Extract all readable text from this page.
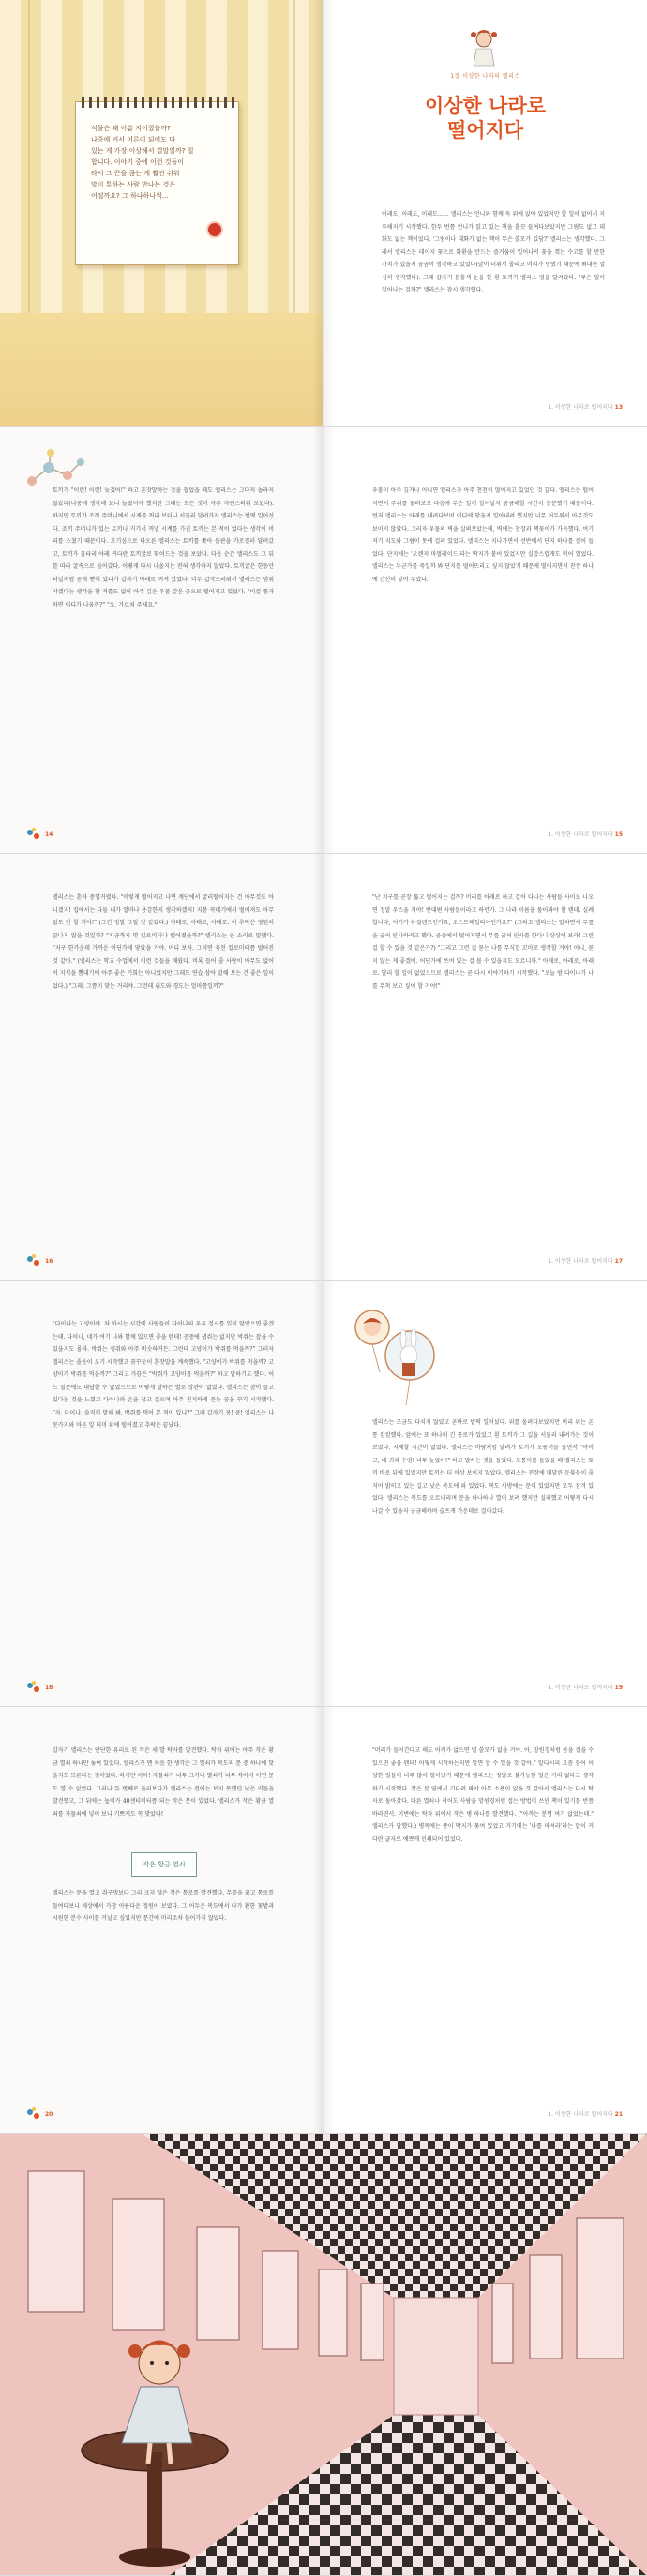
식물은 왜 이름 지어졌을까?
나중에 커서 어른이 되어도 다
있는 게 가장 이상해서 결말일까? 질
합니다. 이야기 중에 이런 것들이
라서 그 끈을 끊는 게 훨씬 쉬워
말이 통하는 사람 만나는 것은
어떨까요? 그 하나하나씩...
1장 이상한 나라의 앨리스
이상한 나라로
떨어지다
이래도, 이래도, 이래도…… 앨리스는 언니와 함께 둑 위에 앉아 있었지만 할 일이 없어서 지루해지기 시작했다. 한두 번쯤 언니가 읽고 있는 책을 흘끗 들여다보았지만 그림도 없고 대화도 없는 책이었다. '그림이나 대화가 없는 책이 무슨 쓸모가 있담?' 앨리스는 생각했다. 그래서 앨리스는 데이지 꽃으로 화환을 만드는 즐거움이 일어나서 꽃을 꺾는 수고를 할 만한 가치가 있을지 곰곰이 생각하고 있었다(날이 더워서 졸리고 머리가 멍했기 때문에 최대한 열심히 생각했다). 그때 갑자기 분홍색 눈을 한 흰 토끼가 앨리스 옆을 달려갔다. "무슨 일이 일어나는 걸까?" 앨리스는 잠시 생각했다.
1. 이상한 나라로 떨어지다 13
토끼가 "이런! 이런! 늦겠어!" 하고 혼잣말하는 것을 들었을 때도 앨리스는 그다지 놀라지 않았다(나중에 생각해 보니 놀랐어야 했지만 그때는 모든 것이 아주 자연스러워 보였다). 하지만 토끼가 조끼 주머니에서 시계를 꺼내 보더니 서둘러 달려가자 앨리스는 벌떡 일어섰다. 조끼 주머니가 있는 토끼나 거기서 꺼낼 시계를 가진 토끼는 본 적이 없다는 생각이 머리를 스쳤기 때문이다. 호기심으로 타오른 앨리스는 토끼를 쫓아 들판을 가로질러 달려갔고, 토끼가 울타리 아래 커다란 토끼굴로 뛰어드는 것을 보았다. 다음 순간 앨리스도 그 뒤를 따라 굴속으로 들어갔다. 어떻게 다시 나올지는 전혀 생각하지 않았다. 토끼굴은 한동안 터널처럼 곧게 뻗어 있다가 갑자기 아래로 꺼져 있었다. 너무 갑작스러워서 앨리스는 멈춰야겠다는 생각을 할 겨를도 없이 아주 깊은 우물 같은 곳으로 떨어지고 있었다. "이걸 통과하면 어디가 나올까?" "오, 가르쳐 주세요."
14
우물이 아주 깊거나 아니면 앨리스가 아주 천천히 떨어지고 있었던 것 같다. 앨리스는 떨어지면서 주위를 둘러보고 다음에 무슨 일이 일어날지 궁금해할 시간이 충분했기 때문이다. 먼저 앨리스는 아래를 내려다보며 어디에 닿을지 알아내려 했지만 너무 어두워서 아무것도 보이지 않았다. 그러자 우물의 벽을 살펴보았는데, 벽에는 찬장과 책꽂이가 가득했다. 여기저기 지도와 그림이 못에 걸려 있었다. 앨리스는 지나가면서 선반에서 단지 하나를 집어 들었다. 단지에는 '오렌지 마멀레이드'라는 딱지가 붙어 있었지만 실망스럽게도 비어 있었다. 앨리스는 누군가를 죽일까 봐 단지를 떨어뜨리고 싶지 않았기 때문에 떨어지면서 찬장 하나에 간신히 넣어 두었다.
1. 이상한 나라로 떨어지다 15
앨리스는 혼자 중얼거렸다. "이렇게 떨어지고 나면 계단에서 굴러떨어지는 건 아무것도 아니겠지! 집에서는 다들 내가 얼마나 용감한지 생각하겠지! 지붕 꼭대기에서 떨어져도 아무 말도 안 할 거야!" (그건 정말 그럴 것 같았다.) 아래로, 아래로, 아래로. 이 추락은 영원히 끝나지 않을 것일까? "지금까지 몇 킬로미터나 떨어졌을까?" 앨리스는 큰 소리로 말했다. "지구 한가운데 가까운 어딘가에 닿았을 거야. 어디 보자. 그러면 육천 킬로미터쯤 떨어진 것 같아." (앨리스는 학교 수업에서 이런 것들을 배웠다. 비록 들어 줄 사람이 아무도 없어서 지식을 뽐내기에 아주 좋은 기회는 아니었지만 그래도 연습 삼아 말해 보는 건 좋은 일이었다.) "그래, 그쯤이 맞는 거리야. 그런데 위도와 경도는 얼마쯤일까?"
16
"난 지구를 곧장 뚫고 떨어지는 걸까? 머리를 아래로 하고 걸어 다니는 사람들 사이로 나오면 정말 우스울 거야! 반대편 사람들이라고 하던가. 그 나라 이름을 물어봐야 할 텐데. 실례합니다, 여기가 뉴질랜드인가요, 오스트레일리아인가요?" (그리고 앨리스는 말하면서 무릎을 굽혀 인사하려고 했다. 공중에서 떨어지면서 무릎 굽혀 인사를 한다니 상상해 보라! 그런 걸 할 수 있을 것 같은가?) "그리고 그런 걸 묻는 나를 무식한 꼬마로 생각할 거야! 아니, 묻지 않는 게 좋겠어. 어딘가에 쓰여 있는 걸 볼 수 있을지도 모르니까." 아래로, 아래로, 아래로. 달리 할 일이 없었으므로 앨리스는 곧 다시 이야기하기 시작했다. "오늘 밤 다이나가 나를 무척 보고 싶어 할 거야!"
1. 이상한 나라로 떨어지다 17
"다이나는 고양이야. 차 마시는 시간에 사람들이 다이나의 우유 접시를 잊지 않았으면 좋겠는데. 다이나, 네가 여기 나와 함께 있으면 좋을 텐데! 공중에 생쥐는 없지만 박쥐는 잡을 수 있을지도 몰라. 박쥐는 생쥐와 아주 비슷하거든. 그런데 고양이가 박쥐를 먹을까?" 그러자 앨리스는 졸음이 오기 시작했고 꿈꾸듯이 혼잣말을 계속했다. "고양이가 박쥐를 먹을까? 고양이가 박쥐를 먹을까?" 그리고 가끔은 "박쥐가 고양이를 먹을까?" 하고 말하기도 했다. 어느 질문에도 대답할 수 없었으므로 어떻게 말하든 별로 상관이 없었다. 앨리스는 잠이 들고 있다는 것을 느꼈고 다이나와 손을 잡고 걸으며 아주 진지하게 묻는 꿈을 꾸기 시작했다. "자, 다이나, 솔직히 말해 봐. 박쥐를 먹어 본 적이 있니?" 그때 갑자기 쿵! 쿵! 앨리스는 나뭇가지와 마른 잎 더미 위에 떨어졌고 추락은 끝났다.
18
앨리스는 조금도 다치지 않았고 곧바로 벌떡 일어섰다. 위를 올려다보았지만 머리 위는 온통 캄캄했다. 앞에는 또 하나의 긴 통로가 있었고 흰 토끼가 그 길을 서둘러 내려가는 것이 보였다. 지체할 시간이 없었다. 앨리스는 바람처럼 달려가 토끼가 모퉁이를 돌면서 "아이고, 내 귀와 수염! 너무 늦었어!" 하고 말하는 것을 들었다. 모퉁이를 돌았을 때 앨리스는 토끼 바로 뒤에 있었지만 토끼는 더 이상 보이지 않았다. 앨리스는 천장에 매달린 등불들이 줄지어 밝히고 있는 길고 낮은 복도에 와 있었다. 복도 사방에는 문이 있었지만 모두 잠겨 있었다. 앨리스는 복도를 오르내리며 문을 하나하나 열어 보려 했지만 실패했고 어떻게 다시 나갈 수 있을지 궁금해하며 슬프게 가운데로 걸어갔다.
1. 이상한 나라로 떨어지다 19
갑자기 앨리스는 단단한 유리로 된 작은 세 발 탁자를 발견했다. 탁자 위에는 아주 작은 황금 열쇠 하나만 놓여 있었다. 앨리스가 맨 처음 한 생각은 그 열쇠가 복도의 문 중 하나에 맞을지도 모른다는 것이었다. 하지만 아아! 자물쇠가 너무 크거나 열쇠가 너무 작아서 어떤 문도 열 수 없었다. 그러나 두 번째로 둘러보다가 앨리스는 전에는 보지 못했던 낮은 커튼을 발견했고, 그 뒤에는 높이가 40센티미터쯤 되는 작은 문이 있었다. 앨리스가 작은 황금 열쇠를 자물쇠에 넣어 보니 기쁘게도 꼭 맞았다!
작은 황금 열쇠
앨리스는 문을 열고 쥐구멍보다 그리 크지 않은 작은 통로를 발견했다. 무릎을 꿇고 통로를 들여다보니 세상에서 가장 아름다운 정원이 보였다. 그 어두운 복도에서 나가 환한 꽃밭과 시원한 분수 사이를 거닐고 싶었지만 문간에 머리조차 들어가지 않았다.
20
"머리가 들어간다고 해도 어깨가 없으면 별 쓸모가 없을 거야. 아, 망원경처럼 몸을 접을 수 있으면 좋을 텐데! 어떻게 시작하는지만 알면 할 수 있을 것 같아." 알다시피 요즘 들어 이상한 일들이 너무 많이 일어났기 때문에 앨리스는 정말로 불가능한 일은 거의 없다고 생각하기 시작했다. 작은 문 옆에서 기다려 봐야 아무 소용이 없을 것 같아서 앨리스는 다시 탁자로 돌아갔다. 다른 열쇠나 적어도 사람을 망원경처럼 접는 방법이 쓰인 책이 있기를 반쯤 바라면서. 이번에는 탁자 위에서 작은 병 하나를 발견했다. ("아까는 분명 여기 없었는데." 앨리스가 말했다.) 병목에는 종이 딱지가 묶여 있었고 거기에는 '나를 마셔라'라는 말이 커다란 글자로 예쁘게 인쇄되어 있었다.
1. 이상한 나라로 떨어지다 21
